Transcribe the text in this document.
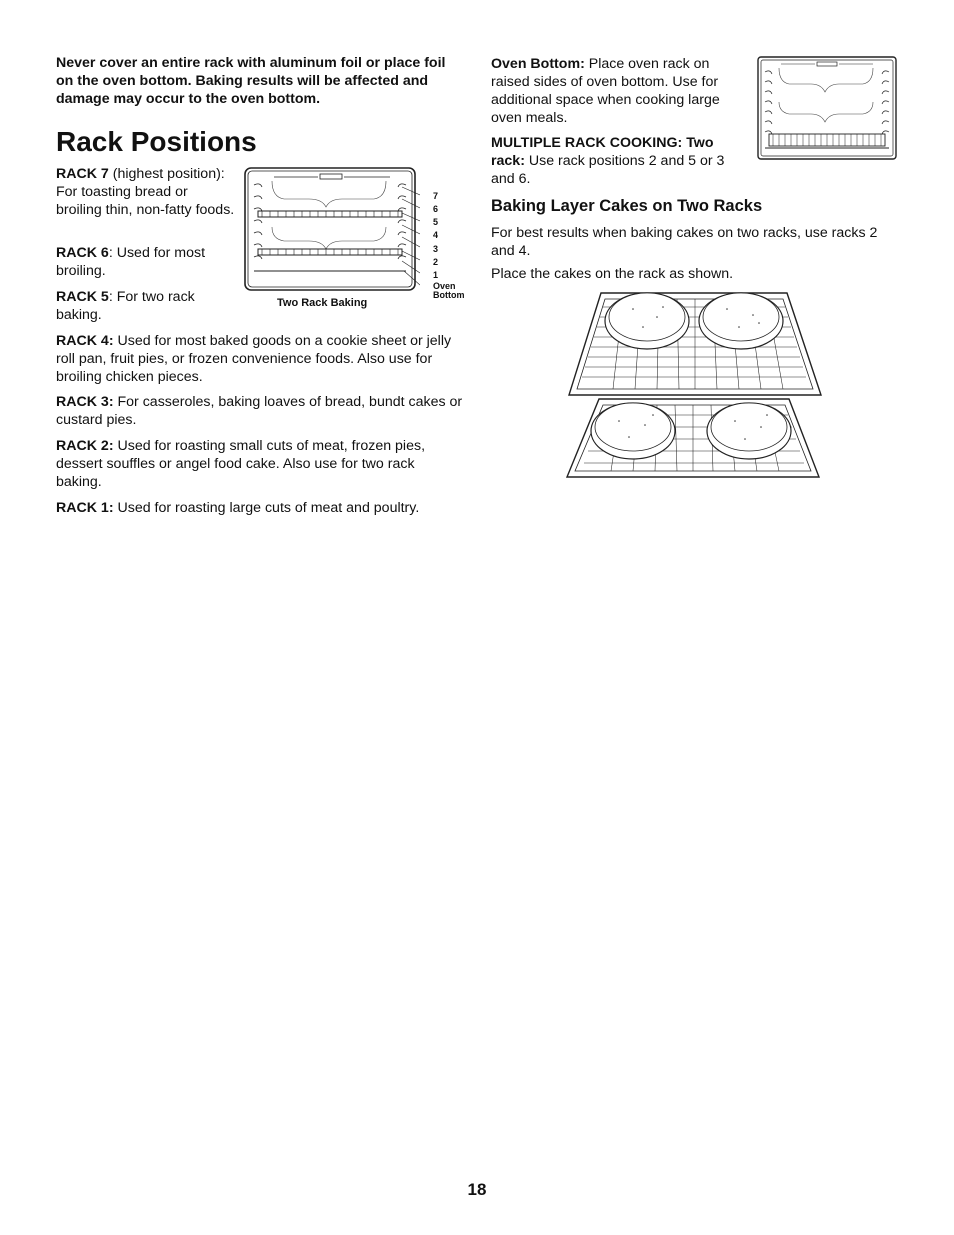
Never cover an entire rack with aluminum foil or place foil on the oven bottom. Baking results will be affected and damage may occur to the oven bottom.

Rack Positions

RACK 7 (highest position): For toasting bread or broiling thin, non-fatty foods.

RACK 6: Used for most broiling.

RACK 5: For two rack baking.

RACK 4: Used for most baked goods on a cookie sheet or jelly roll pan, fruit pies, or frozen convenience foods. Also use for broiling chicken pieces.

RACK 3: For casseroles, baking loaves of bread, bundt cakes or custard pies.

RACK 2: Used for roasting small cuts of meat, frozen pies, dessert souffles or angel food cake. Also use for two rack baking.

RACK 1: Used for roasting large cuts of meat and poultry.

7
6
5
4
3
2
1
Oven
Bottom
Two Rack Baking

Oven Bottom: Place oven rack on raised sides of oven bottom. Use for additional space when cooking large oven meals.

MULTIPLE RACK COOKING: Two rack: Use rack positions 2 and 5 or 3 and 6.

Baking Layer Cakes on Two Racks

For best results when baking cakes on two racks, use racks 2 and 4.

Place the cakes on the rack as shown.

18
